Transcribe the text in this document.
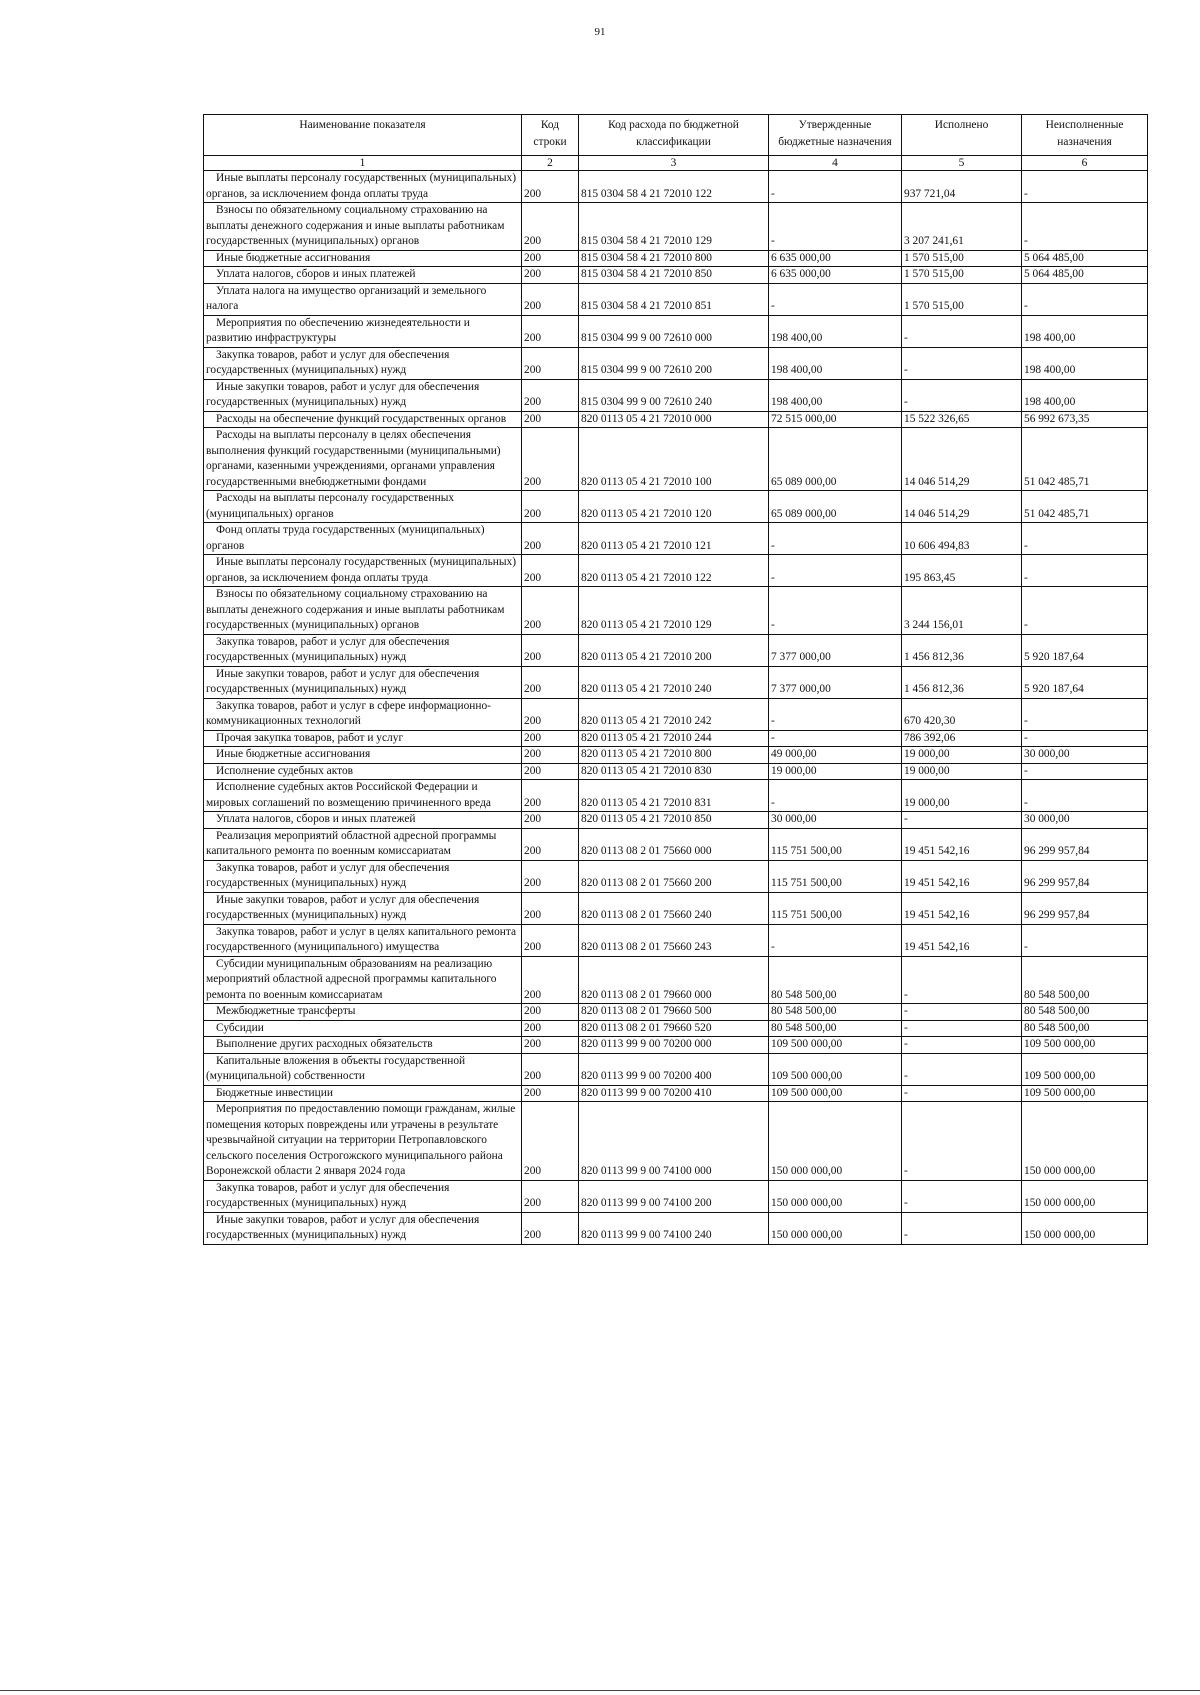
91
Наименование показателя	Код строки	Код расхода по бюджетной классификации	Утвержденные бюджетные назначения	Исполнено	Неисполненные назначения
1	2	3	4	5	6
Иные выплаты персоналу государственных (муниципальных) органов, за исключением фонда оплаты труда	200	815 0304 58 4 21 72010 122	-	937 721,04	-
Взносы по обязательному социальному страхованию на выплаты денежного содержания и иные выплаты работникам государственных (муниципальных) органов	200	815 0304 58 4 21 72010 129	-	3 207 241,61	-
Иные бюджетные ассигнования	200	815 0304 58 4 21 72010 800	6 635 000,00	1 570 515,00	5 064 485,00
Уплата налогов, сборов и иных платежей	200	815 0304 58 4 21 72010 850	6 635 000,00	1 570 515,00	5 064 485,00
Уплата налога на имущество организаций и земельного налога	200	815 0304 58 4 21 72010 851	-	1 570 515,00	-
Мероприятия по обеспечению жизнедеятельности и развитию инфраструктуры	200	815 0304 99 9 00 72610 000	198 400,00	-	198 400,00
Закупка товаров, работ и услуг для обеспечения государственных (муниципальных) нужд	200	815 0304 99 9 00 72610 200	198 400,00	-	198 400,00
Иные закупки товаров, работ и услуг для обеспечения государственных (муниципальных) нужд	200	815 0304 99 9 00 72610 240	198 400,00	-	198 400,00
Расходы на обеспечение функций государственных органов	200	820 0113 05 4 21 72010 000	72 515 000,00	15 522 326,65	56 992 673,35
Расходы на выплаты персоналу в целях обеспечения выполнения функций государственными (муниципальными) органами, казенными учреждениями, органами управления государственными внебюджетными фондами	200	820 0113 05 4 21 72010 100	65 089 000,00	14 046 514,29	51 042 485,71
Расходы на выплаты персоналу государственных (муниципальных) органов	200	820 0113 05 4 21 72010 120	65 089 000,00	14 046 514,29	51 042 485,71
Фонд оплаты труда государственных (муниципальных) органов	200	820 0113 05 4 21 72010 121	-	10 606 494,83	-
Иные выплаты персоналу государственных (муниципальных) органов, за исключением фонда оплаты труда	200	820 0113 05 4 21 72010 122	-	195 863,45	-
Взносы по обязательному социальному страхованию на выплаты денежного содержания и иные выплаты работникам государственных (муниципальных) органов	200	820 0113 05 4 21 72010 129	-	3 244 156,01	-
Закупка товаров, работ и услуг для обеспечения государственных (муниципальных) нужд	200	820 0113 05 4 21 72010 200	7 377 000,00	1 456 812,36	5 920 187,64
Иные закупки товаров, работ и услуг для обеспечения государственных (муниципальных) нужд	200	820 0113 05 4 21 72010 240	7 377 000,00	1 456 812,36	5 920 187,64
Закупка товаров, работ и услуг в сфере информационно-коммуникационных технологий	200	820 0113 05 4 21 72010 242	-	670 420,30	-
Прочая закупка товаров, работ и услуг	200	820 0113 05 4 21 72010 244	-	786 392,06	-
Иные бюджетные ассигнования	200	820 0113 05 4 21 72010 800	49 000,00	19 000,00	30 000,00
Исполнение судебных актов	200	820 0113 05 4 21 72010 830	19 000,00	19 000,00	-
Исполнение судебных актов Российской Федерации и мировых соглашений по возмещению причиненного вреда	200	820 0113 05 4 21 72010 831	-	19 000,00	-
Уплата налогов, сборов и иных платежей	200	820 0113 05 4 21 72010 850	30 000,00	-	30 000,00
Реализация мероприятий областной адресной программы капитального ремонта по военным комиссариатам	200	820 0113 08 2 01 75660 000	115 751 500,00	19 451 542,16	96 299 957,84
Закупка товаров, работ и услуг для обеспечения государственных (муниципальных) нужд	200	820 0113 08 2 01 75660 200	115 751 500,00	19 451 542,16	96 299 957,84
Иные закупки товаров, работ и услуг для обеспечения государственных (муниципальных) нужд	200	820 0113 08 2 01 75660 240	115 751 500,00	19 451 542,16	96 299 957,84
Закупка товаров, работ и услуг в целях капитального ремонта государственного (муниципального) имущества	200	820 0113 08 2 01 75660 243	-	19 451 542,16	-
Субсидии муниципальным образованиям на реализацию мероприятий областной адресной программы капитального ремонта по военным комиссариатам	200	820 0113 08 2 01 79660 000	80 548 500,00	-	80 548 500,00
Межбюджетные трансферты	200	820 0113 08 2 01 79660 500	80 548 500,00	-	80 548 500,00
Субсидии	200	820 0113 08 2 01 79660 520	80 548 500,00	-	80 548 500,00
Выполнение других расходных обязательств	200	820 0113 99 9 00 70200 000	109 500 000,00	-	109 500 000,00
Капитальные вложения в объекты государственной (муниципальной) собственности	200	820 0113 99 9 00 70200 400	109 500 000,00	-	109 500 000,00
Бюджетные инвестиции	200	820 0113 99 9 00 70200 410	109 500 000,00	-	109 500 000,00
Мероприятия по предоставлению помощи гражданам, жилые помещения которых повреждены или утрачены в результате чрезвычайной ситуации на территории Петропавловского сельского поселения Острогожского муниципального района Воронежской области 2 января 2024 года	200	820 0113 99 9 00 74100 000	150 000 000,00	-	150 000 000,00
Закупка товаров, работ и услуг для обеспечения государственных (муниципальных) нужд	200	820 0113 99 9 00 74100 200	150 000 000,00	-	150 000 000,00
Иные закупки товаров, работ и услуг для обеспечения государственных (муниципальных) нужд	200	820 0113 99 9 00 74100 240	150 000 000,00	-	150 000 000,00
